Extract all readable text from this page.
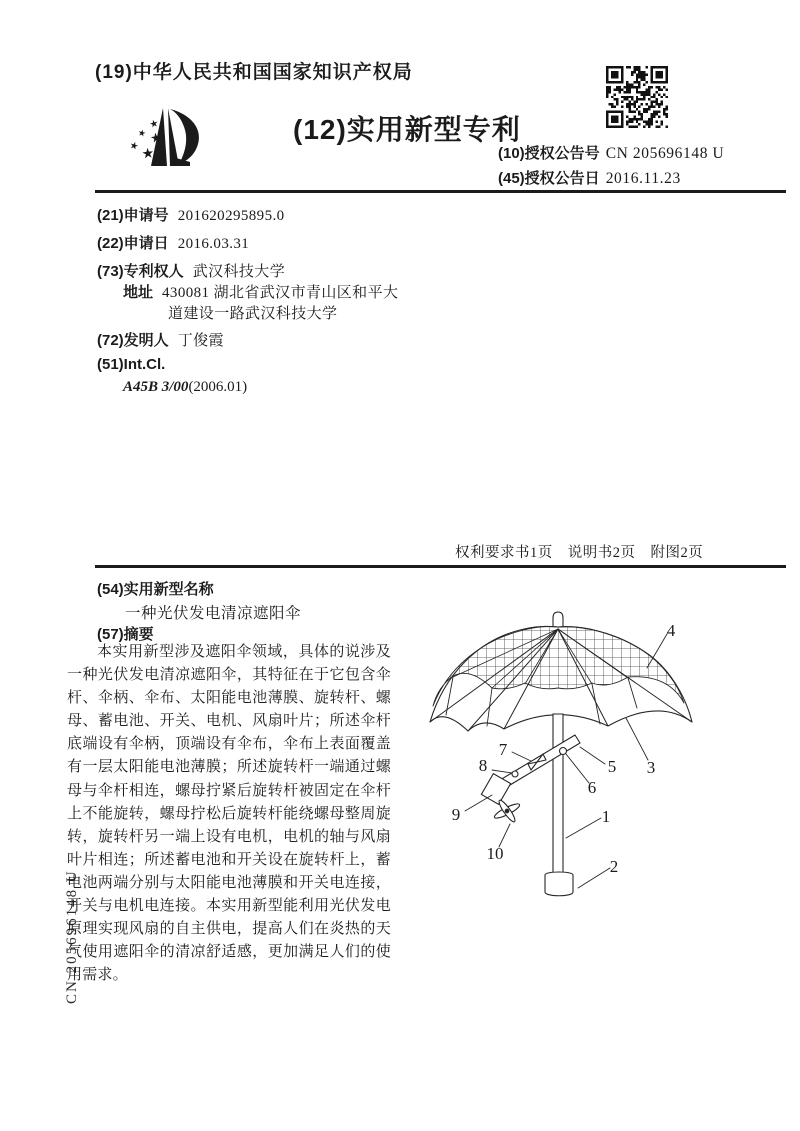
CN 205696148 U
(19)中华人民共和国国家知识产权局
★
★ ★
★ ★
(12)实用新型专利
(10)授权公告号 CN 205696148 U
(45)授权公告日 2016.11.23
(21)申请号 201620295895.0
(22)申请日 2016.03.31
(73)专利权人 武汉科技大学
地址 430081 湖北省武汉市青山区和平大
道建设一路武汉科技大学
(72)发明人 丁俊霞
(51)Int.Cl.
A45B 3/00(2006.01)
权利要求书1页　说明书2页　附图2页
(54)实用新型名称
一种光伏发电清凉遮阳伞
(57)摘要
本实用新型涉及遮阳伞领域，具体的说涉及一种光伏发电清凉遮阳伞，其特征在于它包含伞杆、伞柄、伞布、太阳能电池薄膜、旋转杆、螺母、蓄电池、开关、电机、风扇叶片；所述伞杆底端设有伞柄，顶端设有伞布，伞布上表面覆盖有一层太阳能电池薄膜；所述旋转杆一端通过螺母与伞杆相连，螺母拧紧后旋转杆被固定在伞杆上不能旋转，螺母拧松后旋转杆能绕螺母整周旋转，旋转杆另一端上设有电机，电机的轴与风扇叶片相连；所述蓄电池和开关设在旋转杆上，蓄电池两端分别与太阳能电池薄膜和开关电连接，开关与电机电连接。本实用新型能利用光伏发电原理实现风扇的自主供电，提高人们在炎热的天气使用遮阳伞的清凉舒适感，更加满足人们的使用需求。
4
3
7
8	5
6
9
10
1
2
